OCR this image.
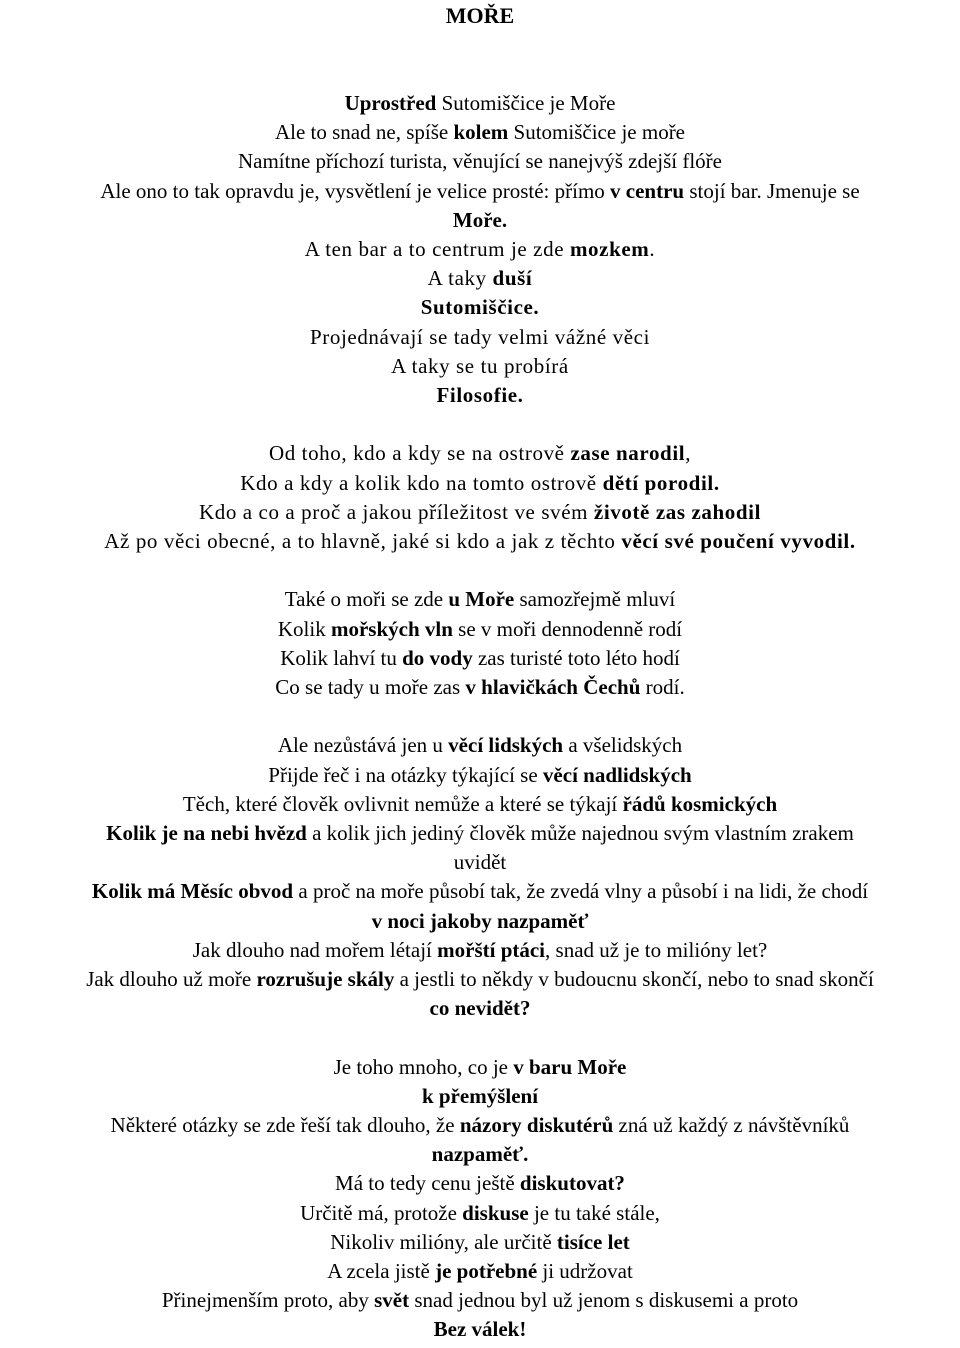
MOŘE
Uprostřed Sutomiščice je Moře
Ale to snad ne, spíše kolem Sutomiščice je moře
Namítne příchozí turista, věnující se nanejvýš zdejší flóře
Ale ono to tak opravdu je, vysvětlení je velice prosté: přímo v centru stojí bar. Jmenuje se
Moře.
A ten bar a to centrum je zde mozkem.
A taky duší
Sutomiščice.
Projednávají se tady velmi vážné věci
A taky se tu probírá
Filosofie.
Od toho, kdo a kdy se na ostrově zase narodil,
Kdo a kdy a kolik kdo na tomto ostrově dětí porodil.
Kdo a co a proč a jakou příležitost ve svém životě zas zahodil
Až po věci obecné, a to hlavně, jaké si kdo a jak z těchto věcí své poučení vyvodil.
Také o moři se zde u Moře samozřejmě mluví
Kolik mořských vln se v moři dennodenně rodí
Kolik lahví tu do vody zas turisté toto léto hodí
Co se tady u moře zas v hlavičkách Čechů rodí.
Ale nezůstává jen u věcí lidských a všelidských
Přijde řeč i na otázky týkající se věcí nadlidských
Těch, které člověk ovlivnit nemůže a které se týkají řádů kosmických
Kolik je na nebi hvězd a kolik jich jediný člověk může najednou svým vlastním zrakem
uvidět
Kolik má Měsíc obvod a proč na moře působí tak, že zvedá vlny a působí i na lidi, že chodí
v noci jakoby nazpaměť
Jak dlouho nad mořem létají mořští ptáci, snad už je to milióny let?
Jak dlouho už moře rozrušuje skály a jestli to někdy v budoucnu skončí, nebo to snad skončí
co nevidět?
Je toho mnoho, co je v baru Moře
k přemýšlení
Některé otázky se zde řeší tak dlouho, že názory diskutérů zná už každý z návštěvníků
nazpaměť.
Má to tedy cenu ještě diskutovat?
Určitě má, protože diskuse je tu také stále,
Nikoliv milióny, ale určitě tisíce let
A zcela jistě je potřebné ji udržovat
Přinejmenším proto, aby svět snad jednou byl už jenom s diskusemi a proto
Bez válek!
